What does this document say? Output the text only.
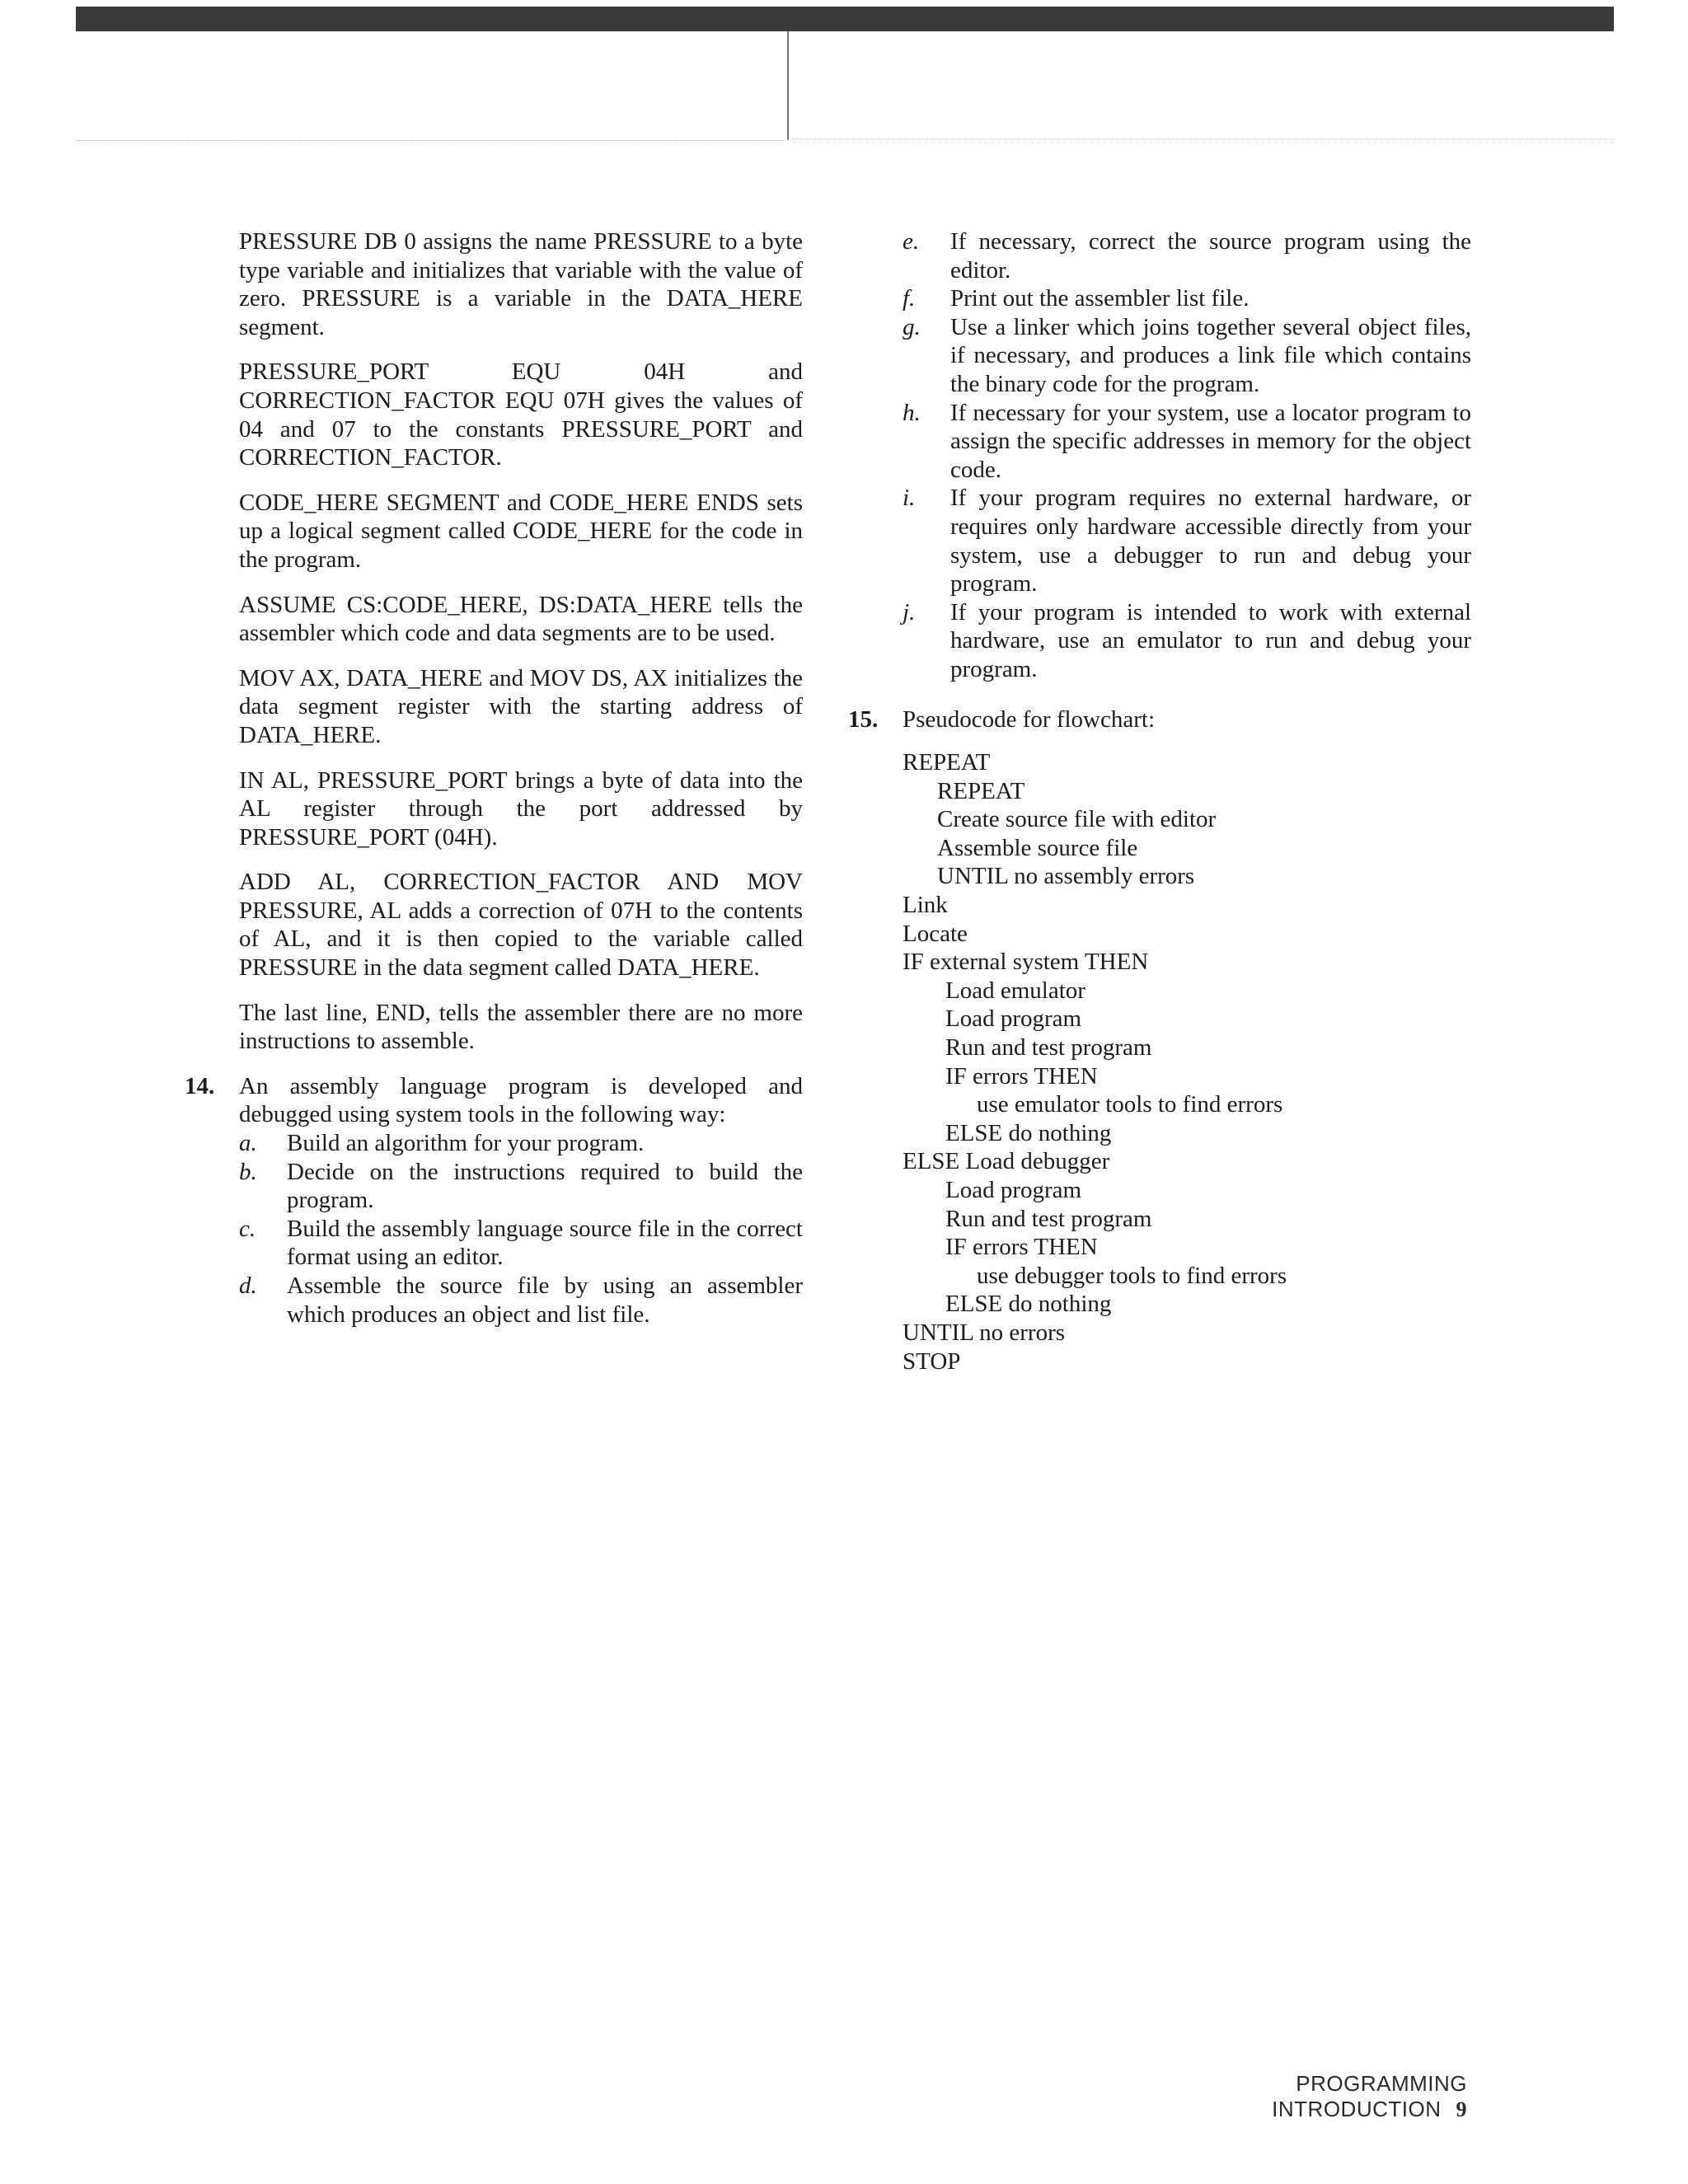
PRESSURE DB 0 assigns the name PRESSURE to a byte type variable and initializes that variable with the value of zero. PRESSURE is a variable in the DATA_HERE segment.

PRESSURE_PORT EQU 04H and CORRECTION_FACTOR EQU 07H gives the values of 04 and 07 to the constants PRESSURE_PORT and CORRECTION_FACTOR.

CODE_HERE SEGMENT and CODE_HERE ENDS sets up a logical segment called CODE_HERE for the code in the program.

ASSUME CS:CODE_HERE, DS:DATA_HERE tells the assembler which code and data segments are to be used.

MOV AX, DATA_HERE and MOV DS, AX initializes the data segment register with the starting address of DATA_HERE.

IN AL, PRESSURE_PORT brings a byte of data into the AL register through the port addressed by PRESSURE_PORT (04H).

ADD AL, CORRECTION_FACTOR AND MOV PRESSURE, AL adds a correction of 07H to the contents of AL, and it is then copied to the variable called PRESSURE in the data segment called DATA_HERE.

The last line, END, tells the assembler there are no more instructions to assemble.

14. An assembly language program is developed and debugged using system tools in the following way:

a. Build an algorithm for your program.
b. Decide on the instructions required to build the program.
c. Build the assembly language source file in the correct format using an editor.
d. Assemble the source file by using an assembler which produces an object and list file.
e. If necessary, correct the source program using the editor.
f. Print out the assembler list file.
g. Use a linker which joins together several object files, if necessary, and produces a link file which contains the binary code for the program.
h. If necessary for your system, use a locator program to assign the specific addresses in memory for the object code.
i. If your program requires no external hardware, or requires only hardware accessible directly from your system, use a debugger to run and debug your program.
j. If your program is intended to work with external hardware, use an emulator to run and debug your program.
15. Pseudocode for flowchart:

REPEAT
REPEAT
Create source file with editor
Assemble source file
UNTIL no assembly errors
Link
Locate
IF external system THEN
Load emulator
Load program
Run and test program
IF errors THEN
use emulator tools to find errors
ELSE do nothing
ELSE Load debugger
Load program
Run and test program
IF errors THEN
use debugger tools to find errors
ELSE do nothing
UNTIL no errors
STOP
PROGRAMMING INTRODUCTION 9
